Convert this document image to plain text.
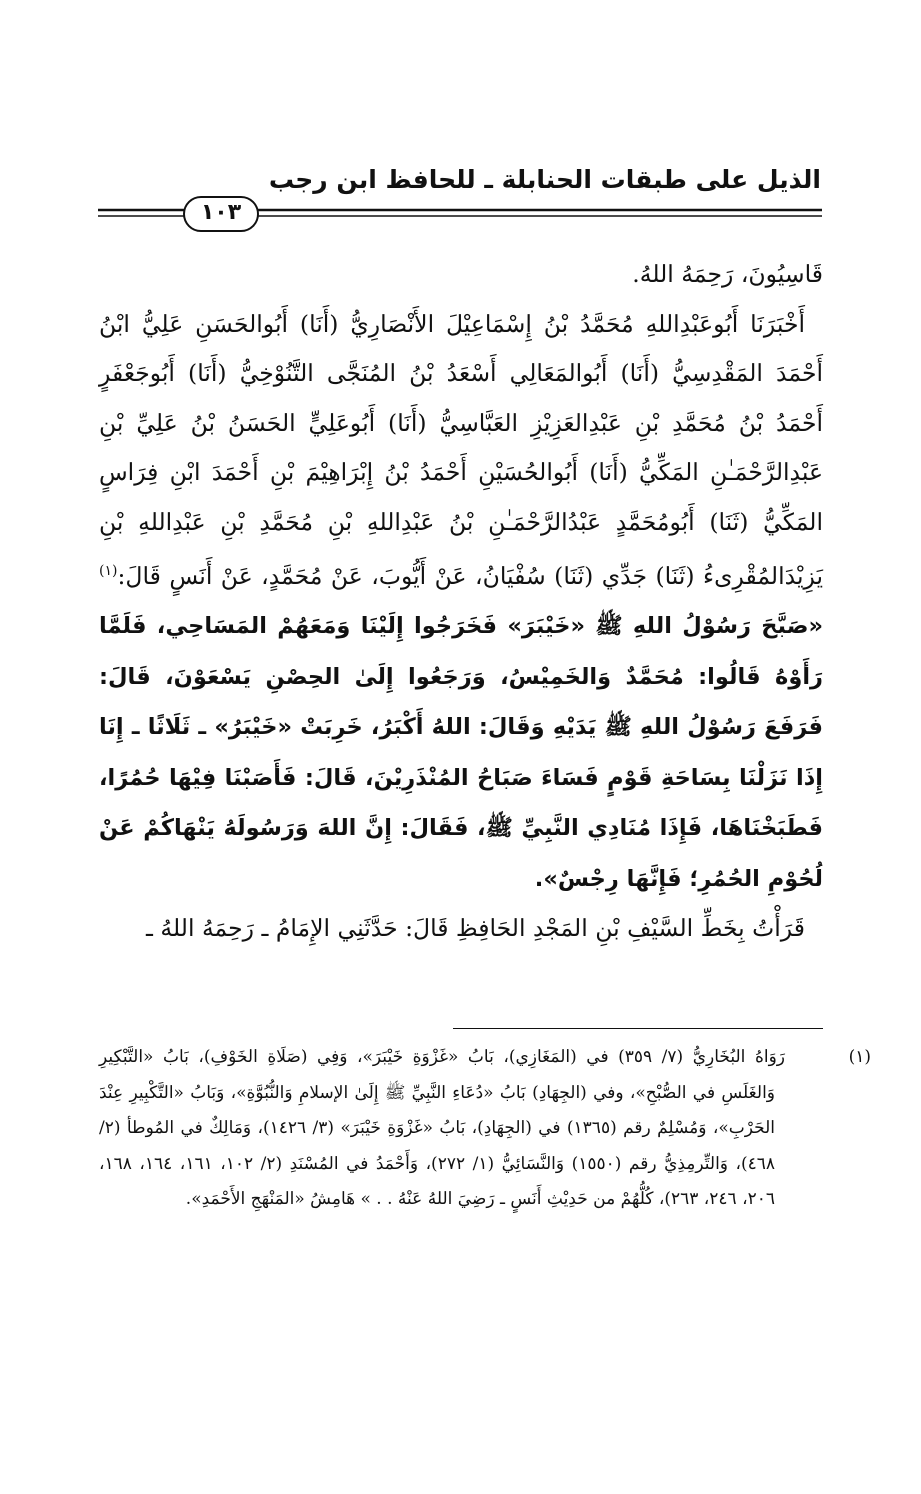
الذيل على طبقات الحنابلة ـ للحافظ ابن رجب
١٠٣

قَاسِيُونَ، رَحِمَهُ اللهُ.

أَخْبَرَنَا أَبُوعَبْدِاللهِ مُحَمَّدُ بْنُ إِسْمَاعِيْلَ الأَنْصَارِيُّ (أَنَا) أَبُوالحَسَنِ عَلِيُّ ابْنُ أَحْمَدَ المَقْدِسِيُّ (أَنَا) أَبُوالمَعَالِي أَسْعَدُ بْنُ المُنَجَّى التَّنُوْخِيُّ (أَنَا) أَبُوجَعْفَرٍ أَحْمَدُ بْنُ مُحَمَّدِ بْنِ عَبْدِالعَزِيْزِ العَبَّاسِيُّ (أَنَا) أَبُوعَلِيٍّ الحَسَنُ بْنُ عَلِيِّ بْنِ عَبْدِالرَّحْمَـٰنِ المَكِّيُّ (أَنَا) أَبُوالحُسَيْنِ أَحْمَدُ بْنُ إِبْرَاهِيْمَ بْنِ أَحْمَدَ ابْنِ فِرَاسٍ المَكِّيُّ (ثَنَا) أَبُومُحَمَّدٍ عَبْدُالرَّحْمَـٰنِ بْنُ عَبْدِاللهِ بْنِ مُحَمَّدِ بْنِ عَبْدِاللهِ بْنِ يَزِيْدَالمُقْرِىءُ (ثَنَا) جَدِّي (ثَنَا) سُفْيَانُ، عَنْ أَيُّوبَ، عَنْ مُحَمَّدٍ، عَنْ أَنَسٍ قَالَ:$^{(١)}$ «صَبَّحَ رَسُوْلُ اللهِ ﷺ «خَيْبَرَ» فَخَرَجُوا إِلَيْنَا وَمَعَهُمْ المَسَاحِي، فَلَمَّا رَأَوْهُ قَالُوا: مُحَمَّدٌ وَالخَمِيْسُ، وَرَجَعُوا إِلَىٰ الحِصْنِ يَسْعَوْنَ، قَالَ: فَرَفَعَ رَسُوْلُ اللهِ ﷺ يَدَيْهِ وَقَالَ: اللهُ أَكْبَرُ، خَرِبَتْ «خَيْبَرُ» ـ ثَلَاثًا ـ إِنَا إِذَا نَزَلْنَا بِسَاحَةِ قَوْمٍ فَسَاءَ صَبَاحُ المُنْذَرِيْنَ، قَالَ: فَأَصَبْنَا فِيْهَا حُمُرًا، فَطَبَخْنَاهَا، فَإِذَا مُنَادِي النَّبِيِّ ﷺ، فَقَالَ: إِنَّ اللهَ وَرَسُولَهُ يَنْهَاكُمْ عَنْ لُحُوْمِ الحُمُرِ؛ فَإِنَّهَا رِجْسٌ».

قَرَأْتُ بِخَطِّ السَّيْفِ بْنِ المَجْدِ الحَافِظِ قَالَ: حَدَّثَنِي الإِمَامُ ـ رَحِمَهُ اللهُ ـ

(١)رَوَاهُ البُخَارِيُّ (٧/ ٣٥٩) في (المَغَازِي)، بَابُ «غَزْوَةِ خَيْبَرَ»، وَفِي (صَلَاةِ الخَوْفِ)، بَابُ «التَّبْكِيرِ وَالغَلَسِ في الصُّبْحِ»، وفي (الجِهَادِ) بَابُ «دُعَاءِ النَّبِيِّ ﷺ إِلَىٰ الإسلامِ وَالنُّبُوَّةِ»، وَبَابُ «التَّكْبِيرِ عِنْدَ الحَرْبِ»، وَمُسْلِمٌ رقم (١٣٦٥) في (الجِهَادِ)، بَابُ «غَزْوَةِ خَيْبَرَ» (٣/ ١٤٢٦)، وَمَالِكٌ في المُوطأ (٢/ ٤٦٨)، وَالتِّرمِذِيُّ رقم (١٥٥٠) وَالنَّسَائِيُّ (١/ ٢٧٢)، وَأَحْمَدُ في المُسْنَدِ (٢/ ١٠٢، ١٦١، ١٦٤، ١٦٨، ٢٠٦، ٢٤٦، ٢٦٣)، كُلُّهُمْ من حَدِيْثِ أَنَسٍ ـ رَضِيَ اللهُ عَنْهُ . . » هَامِشُ «المَنْهَجِ الأَحْمَدِ».
